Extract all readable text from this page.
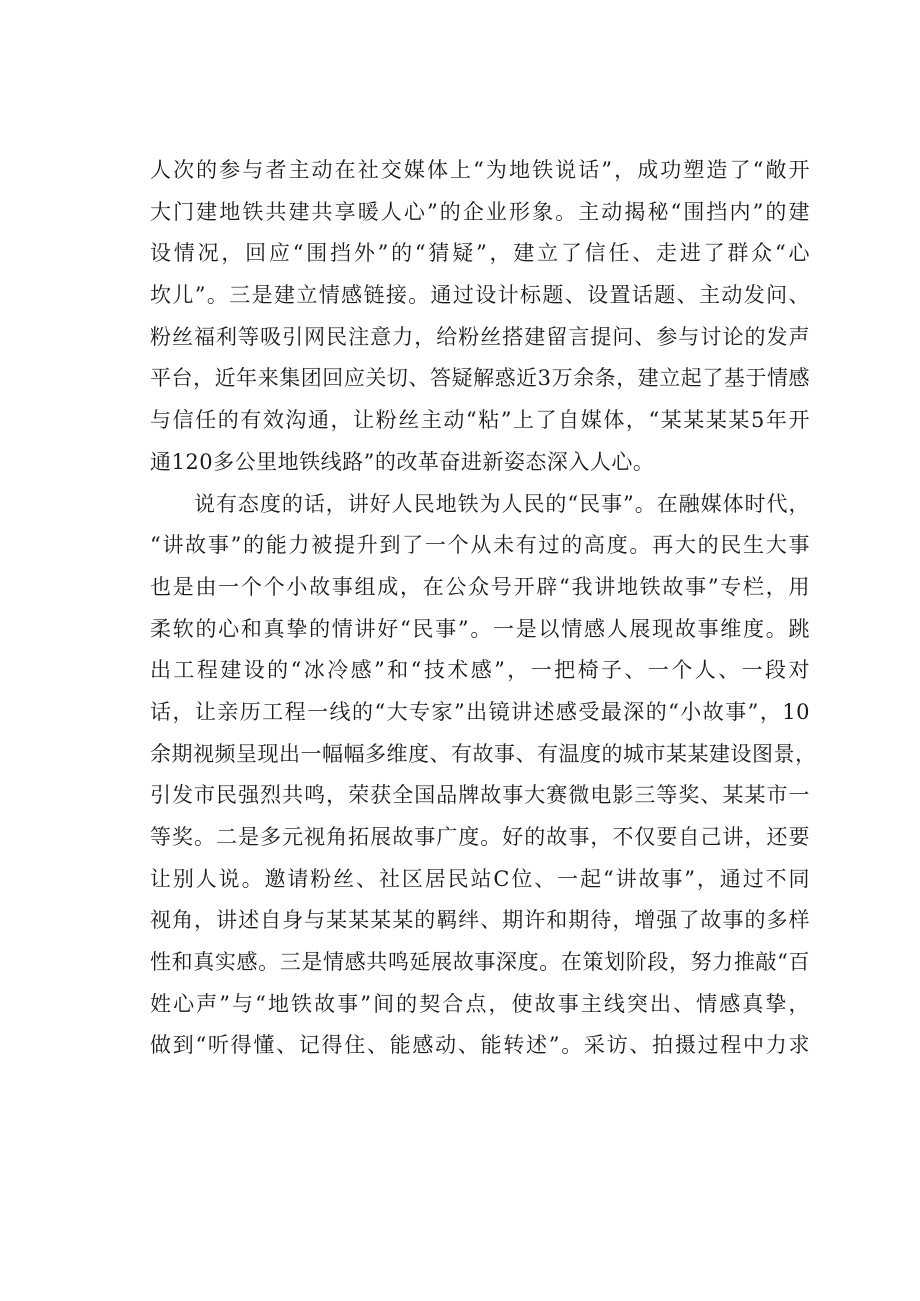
人次的参与者主动在社交媒体上“为地铁说话”，成功塑造了“敞开
大门建地铁共建共享暖人心”的企业形象。主动揭秘“围挡内”的建
设情况，回应“围挡外”的“猜疑”，建立了信任、走进了群众“心
坎儿”。三是建立情感链接。通过设计标题、设置话题、主动发问、
粉丝福利等吸引网民注意力，给粉丝搭建留言提问、参与讨论的发声
平台，近年来集团回应关切、答疑解惑近3万余条，建立起了基于情感
与信任的有效沟通，让粉丝主动“粘”上了自媒体，“某某某某5年开
通120多公里地铁线路”的改革奋进新姿态深入人心。
说有态度的话，讲好人民地铁为人民的“民事”。在融媒体时代，
“讲故事”的能力被提升到了一个从未有过的高度。再大的民生大事
也是由一个个小故事组成，在公众号开辟“我讲地铁故事”专栏，用
柔软的心和真挚的情讲好“民事”。一是以情感人展现故事维度。跳
出工程建设的“冰冷感”和“技术感”，一把椅子、一个人、一段对
话，让亲历工程一线的“大专家”出镜讲述感受最深的“小故事”，10
余期视频呈现出一幅幅多维度、有故事、有温度的城市某某建设图景，
引发市民强烈共鸣，荣获全国品牌故事大赛微电影三等奖、某某市一
等奖。二是多元视角拓展故事广度。好的故事，不仅要自己讲，还要
让别人说。邀请粉丝、社区居民站C位、一起“讲故事”，通过不同
视角，讲述自身与某某某某的羁绊、期许和期待，增强了故事的多样
性和真实感。三是情感共鸣延展故事深度。在策划阶段，努力推敲“百
姓心声”与“地铁故事”间的契合点，使故事主线突出、情感真挚，
做到“听得懂、记得住、能感动、能转述”。采访、拍摄过程中力求
